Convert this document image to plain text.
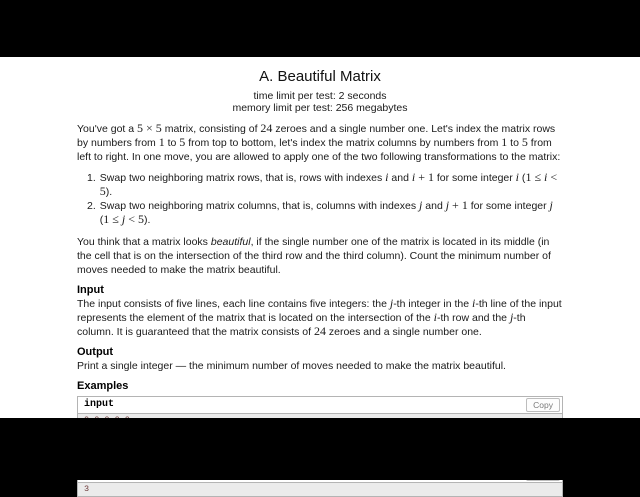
A. Beautiful Matrix
time limit per test: 2 seconds
memory limit per test: 256 megabytes

You've got a 5 × 5 matrix, consisting of 24 zeroes and a single number one. Let's index the matrix rows by numbers from 1 to 5 from top to bottom, let's index the matrix columns by numbers from 1 to 5 from left to right. In one move, you are allowed to apply one of the two following transformations to the matrix:

1. Swap two neighboring matrix rows, that is, rows with indexes i and i + 1 for some integer i (1 ≤ i < 5).
2. Swap two neighboring matrix columns, that is, columns with indexes j and j + 1 for some integer j (1 ≤ j < 5).

You think that a matrix looks beautiful, if the single number one of the matrix is located in its middle (in the cell that is on the intersection of the third row and the third column). Count the minimum number of moves needed to make the matrix beautiful.

Input

The input consists of five lines, each line contains five integers: the j-th integer in the i-th line of the input represents the element of the matrix that is located on the intersection of the i-th row and the j-th column. It is guaranteed that the matrix consists of 24 zeroes and a single number one.

Output

Print a single integer — the minimum number of moves needed to make the matrix beautiful.

Examples
input	Copy
3
